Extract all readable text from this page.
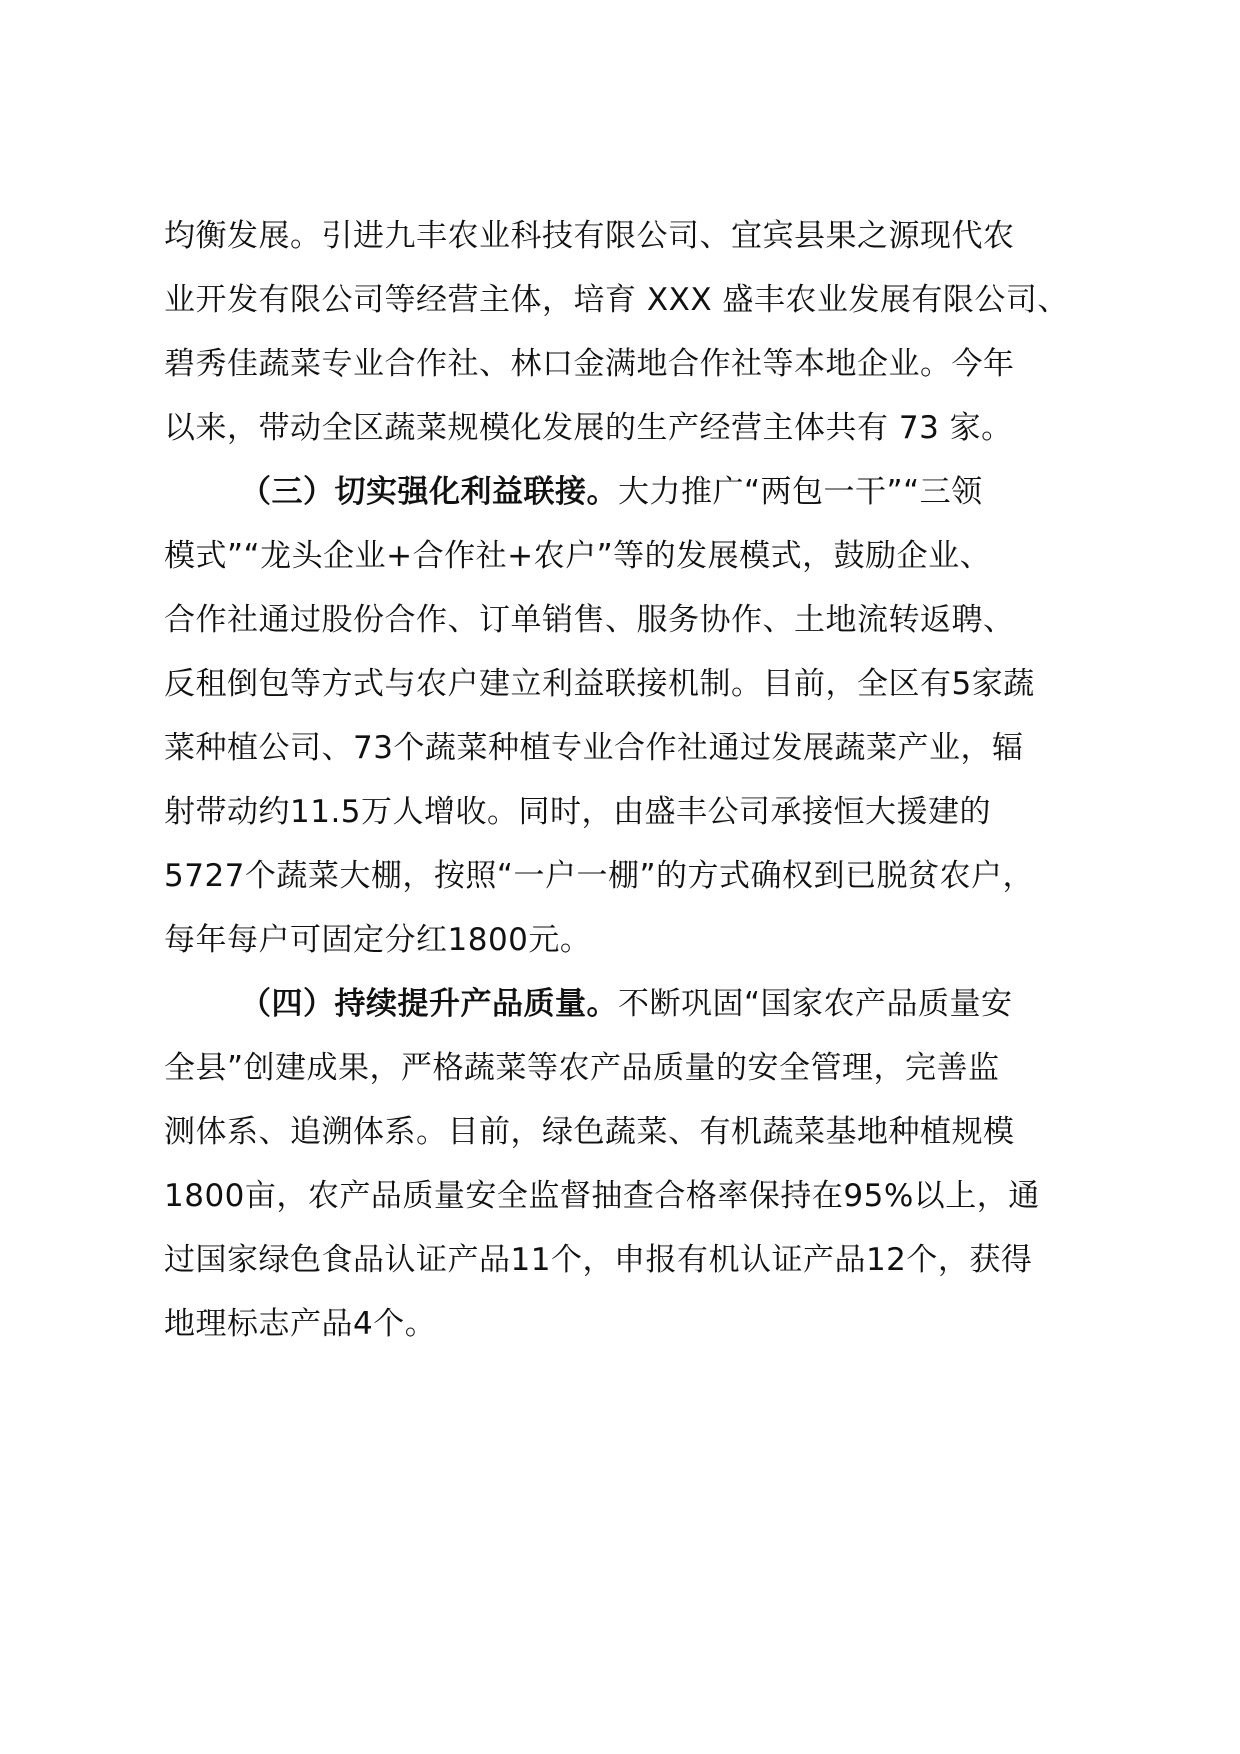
均衡发展。引进九丰农业科技有限公司、宜宾县果之源现代农
业开发有限公司等经营主体，培育 XXX 盛丰农业发展有限公司、
碧秀佳蔬菜专业合作社、林口金满地合作社等本地企业。今年
以来，带动全区蔬菜规模化发展的生产经营主体共有 73 家。
（三）切实强化利益联接。大力推广“两包一干”“三领
模式”“龙头企业+合作社+农户”等的发展模式，鼓励企业、
合作社通过股份合作、订单销售、服务协作、土地流转返聘、
反租倒包等方式与农户建立利益联接机制。目前，全区有5家蔬
菜种植公司、73个蔬菜种植专业合作社通过发展蔬菜产业，辐
射带动约11.5万人增收。同时，由盛丰公司承接恒大援建的
5727个蔬菜大棚，按照“一户一棚”的方式确权到已脱贫农户，
每年每户可固定分红1800元。
（四）持续提升产品质量。不断巩固“国家农产品质量安
全县”创建成果，严格蔬菜等农产品质量的安全管理，完善监
测体系、追溯体系。目前，绿色蔬菜、有机蔬菜基地种植规模
1800亩，农产品质量安全监督抽查合格率保持在95%以上，通
过国家绿色食品认证产品11个，申报有机认证产品12个，获得
地理标志产品4个。
